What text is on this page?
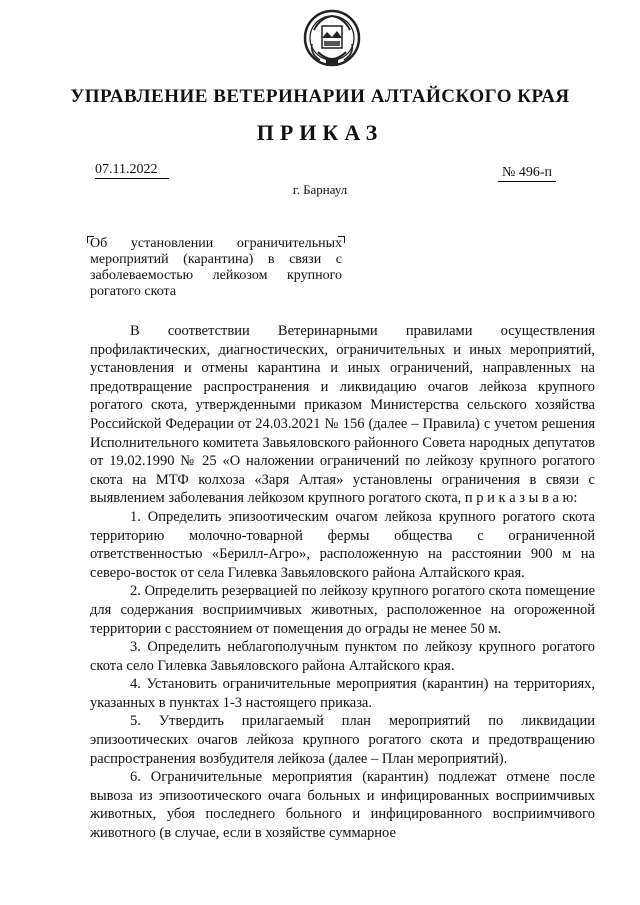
УПРАВЛЕНИЕ ВЕТЕРИНАРИИ АЛТАЙСКОГО КРАЯ
ПРИКАЗ
07.11.2022	№ 496-п
г. Барнаул
Об установлении ограничительных мероприятий (карантина) в связи с заболеваемостью лейкозом крупного рогатого скота

В соответствии Ветеринарными правилами осуществления профилактических, диагностических, ограничительных и иных мероприятий, установления и отмены карантина и иных ограничений, направленных на предотвращение распространения и ликвидацию очагов лейкоза крупного рогатого скота, утвержденными приказом Министерства сельского хозяйства Российской Федерации от 24.03.2021 № 156 (далее – Правила) с учетом решения Исполнительного комитета Завьяловского районного Совета народных депутатов от 19.02.1990 № 25 «О наложении ограничений по лейкозу крупного рогатого скота на МТФ колхоза «Заря Алтая» установлены ограничения в связи с выявлением заболевания лейкозом крупного рогатого скота, п р и к а з ы в а ю:

1. Определить эпизоотическим очагом лейкоза крупного рогатого скота территорию молочно-товарной фермы общества с ограниченной ответственностью «Берилл-Агро», расположенную на расстоянии 900 м на северо-восток от села Гилевка Завьяловского района Алтайского края.

2. Определить резервацией по лейкозу крупного рогатого скота помещение для содержания восприимчивых животных, расположенное на огороженной территории с расстоянием от помещения до ограды не менее 50 м.

3. Определить неблагополучным пунктом по лейкозу крупного рогатого скота село Гилевка Завьяловского района Алтайского края.

4. Установить ограничительные мероприятия (карантин) на территориях, указанных в пунктах 1-3 настоящего приказа.

5. Утвердить прилагаемый план мероприятий по ликвидации эпизоотических очагов лейкоза крупного рогатого скота и предотвращению распространения возбудителя лейкоза (далее – План мероприятий).

6. Ограничительные мероприятия (карантин) подлежат отмене после вывоза из эпизоотического очага больных и инфицированных восприимчивых животных, убоя последнего больного и инфицированного восприимчивого животного (в случае, если в хозяйстве суммарное
